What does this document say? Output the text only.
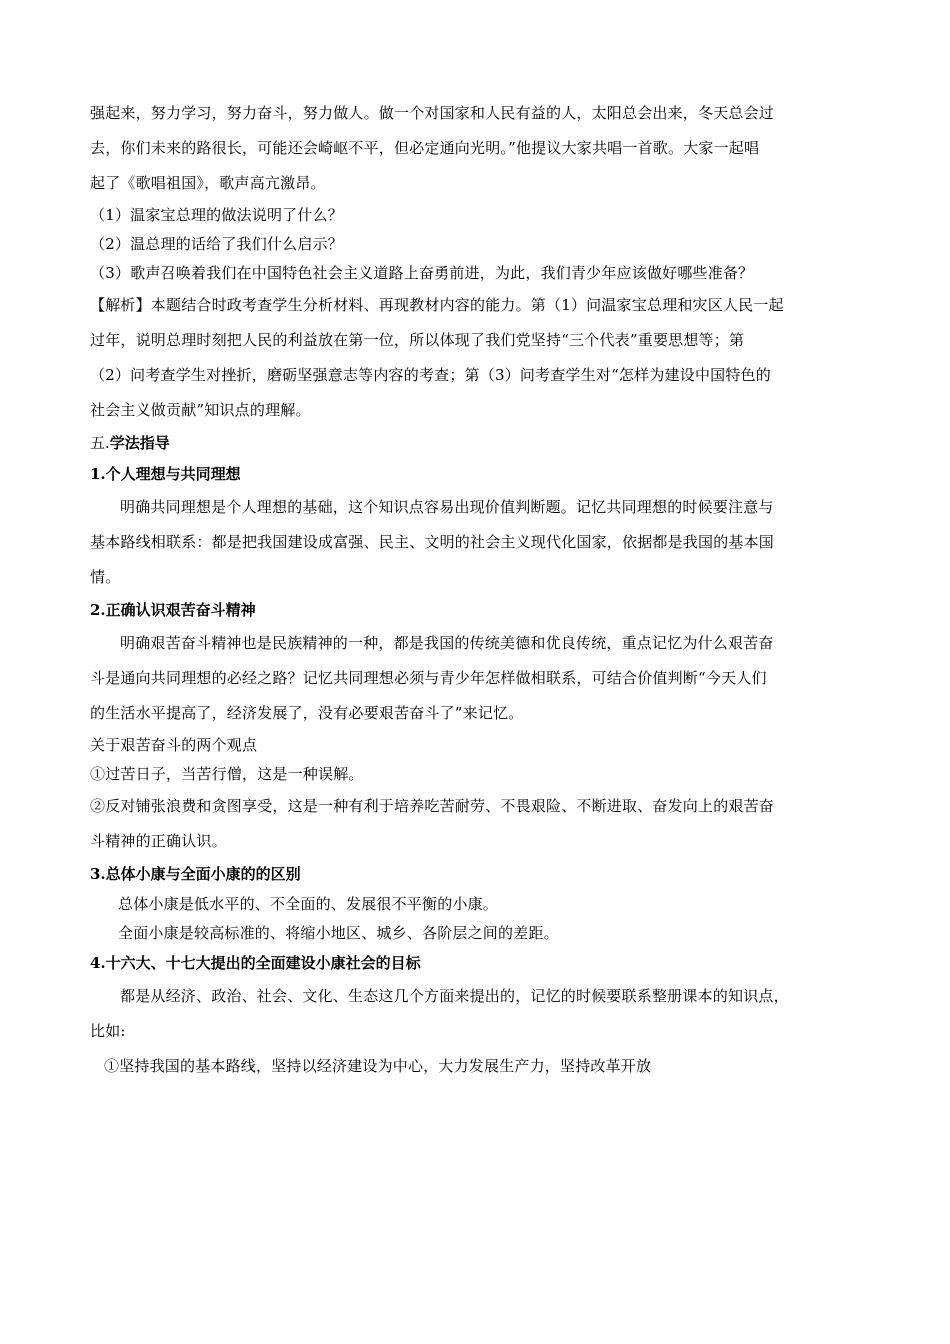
强起来，努力学习，努力奋斗，努力做人。做一个对国家和人民有益的人，太阳总会出来，冬天总会过

去，你们未来的路很长，可能还会崎岖不平，但必定通向光明。”他提议大家共唱一首歌。大家一起唱

起了《歌唱祖国》，歌声高亢激昂。

（1）温家宝总理的做法说明了什么？

（2）温总理的话给了我们什么启示？

（3）歌声召唤着我们在中国特色社会主义道路上奋勇前进，为此，我们青少年应该做好哪些准备？

【解析】本题结合时政考查学生分析材料、再现教材内容的能力。第（1）问温家宝总理和灾区人民一起

过年，说明总理时刻把人民的利益放在第一位，所以体现了我们党坚持“三个代表”重要思想等；第

（2）问考查学生对挫折，磨砺坚强意志等内容的考查；第（3）问考查学生对“怎样为建设中国特色的

社会主义做贡献”知识点的理解。

五.学法指导

1.个人理想与共同理想

明确共同理想是个人理想的基础，这个知识点容易出现价值判断题。记忆共同理想的时候要注意与

基本路线相联系：都是把我国建设成富强、民主、文明的社会主义现代化国家，依据都是我国的基本国

情。

2.正确认识艰苦奋斗精神

明确艰苦奋斗精神也是民族精神的一种，都是我国的传统美德和优良传统，重点记忆为什么艰苦奋

斗是通向共同理想的必经之路？记忆共同理想必须与青少年怎样做相联系，可结合价值判断“今天人们

的生活水平提高了，经济发展了，没有必要艰苦奋斗了”来记忆。

关于艰苦奋斗的两个观点

①过苦日子，当苦行僧，这是一种误解。

②反对铺张浪费和贪图享受，这是一种有利于培养吃苦耐劳、不畏艰险、不断进取、奋发向上的艰苦奋

斗精神的正确认识。

3.总体小康与全面小康的的区别

总体小康是低水平的、不全面的、发展很不平衡的小康。

全面小康是较高标准的、将缩小地区、城乡、各阶层之间的差距。

4.十六大、十七大提出的全面建设小康社会的目标

都是从经济、政治、社会、文化、生态这几个方面来提出的，记忆的时候要联系整册课本的知识点，

比如:

①坚持我国的基本路线，坚持以经济建设为中心，大力发展生产力，坚持改革开放
